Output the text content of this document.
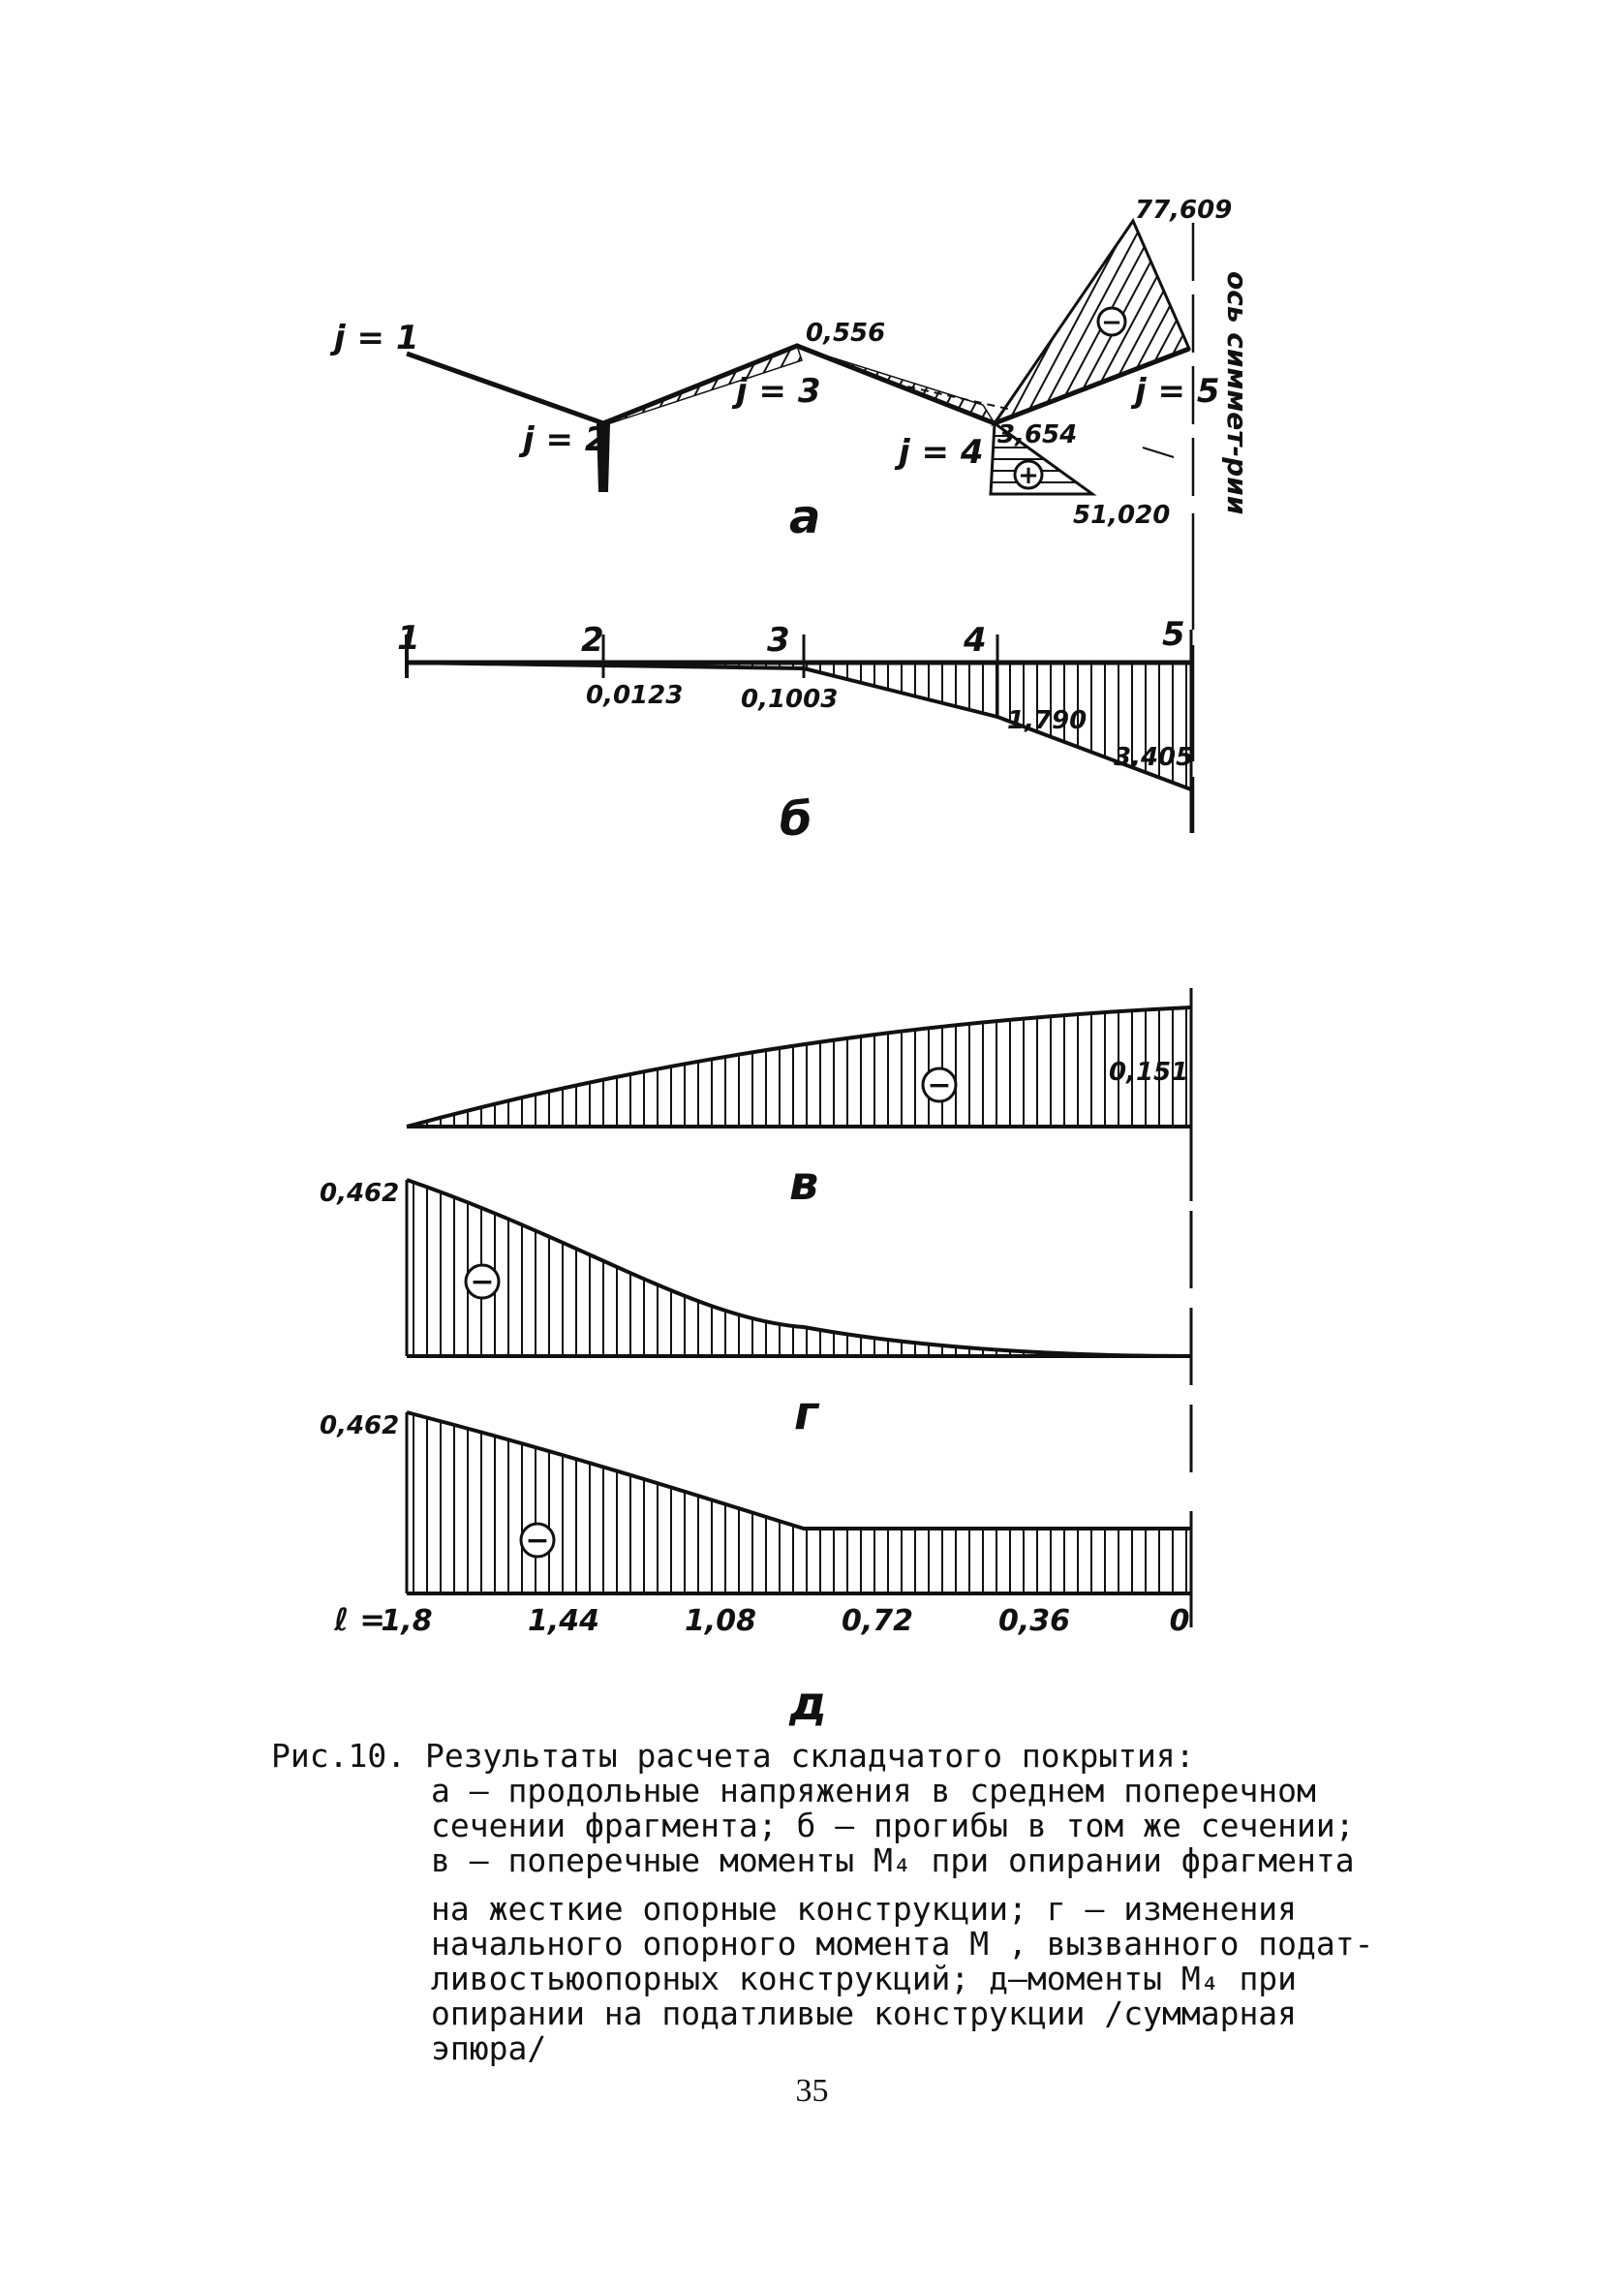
−
+
j = 1
j = 2
j = 3
j = 4
j = 5
0,556
77,609
3,654
51,020
ось симмет-рии
а
1	2	3	4	5
0,0123 0,1003
1,790
3,405
б
−	0,151
в
−
0,462
г
−
0,462
ℓ =
1,8	1,44	1,08	0,72	0,36	0
д
Рис.10. Результаты расчета складчатого покрытия:
а – продольные напряжения в среднем поперечном
сечении фрагмента; б – прогибы в том же сечении;
в – поперечные моменты М₄ при опирании фрагмента
на жесткие опорные конструкции; г – изменения
начального опорного момента М , вызванного подат-
ливостьюопорных конструкций; д–моменты М₄ при
опирании на податливые конструкции /суммарная
эпюра/
35
